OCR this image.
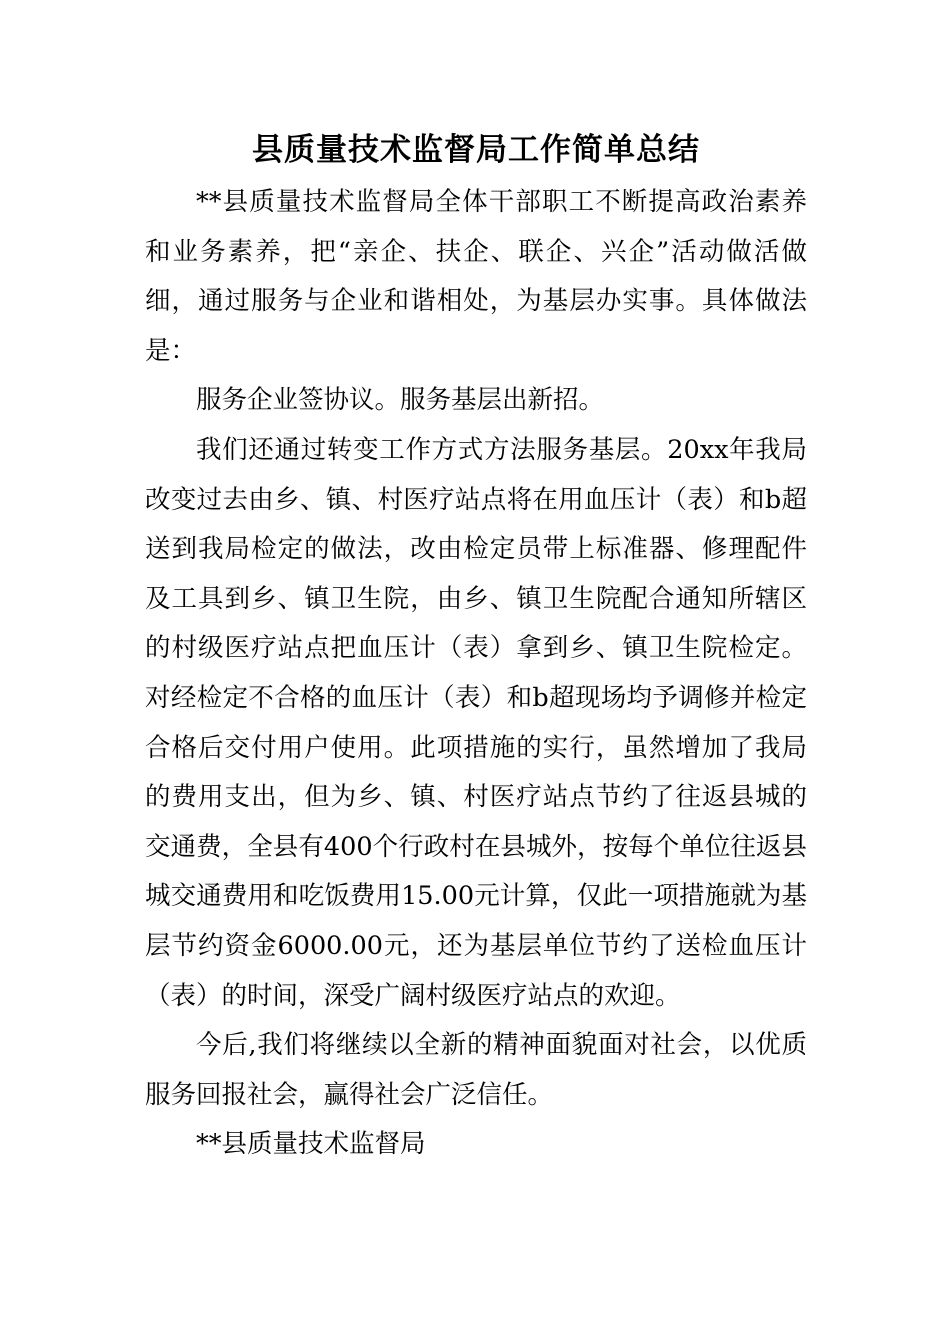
县质量技术监督局工作简单总结

**县质量技术监督局全体干部职工不断提高政治素养和业务素养，把“亲企、扶企、联企、兴企”活动做活做细，通过服务与企业和谐相处，为基层办实事。具体做法是：

服务企业签协议。服务基层出新招。

我们还通过转变工作方式方法服务基层。20xx年我局改变过去由乡、镇、村医疗站点将在用血压计（表）和b超送到我局检定的做法，改由检定员带上标准器、修理配件及工具到乡、镇卫生院，由乡、镇卫生院配合通知所辖区的村级医疗站点把血压计（表）拿到乡、镇卫生院检定。对经检定不合格的血压计（表）和b超现场均予调修并检定合格后交付用户使用。此项措施的实行，虽然增加了我局的费用支出，但为乡、镇、村医疗站点节约了往返县城的交通费，全县有400个行政村在县城外，按每个单位往返县城交通费用和吃饭费用15.00元计算，仅此一项措施就为基层节约资金6000.00元，还为基层单位节约了送检血压计（表）的时间，深受广阔村级医疗站点的欢迎。

今后,我们将继续以全新的精神面貌面对社会，以优质服务回报社会，赢得社会广泛信任。

**县质量技术监督局
